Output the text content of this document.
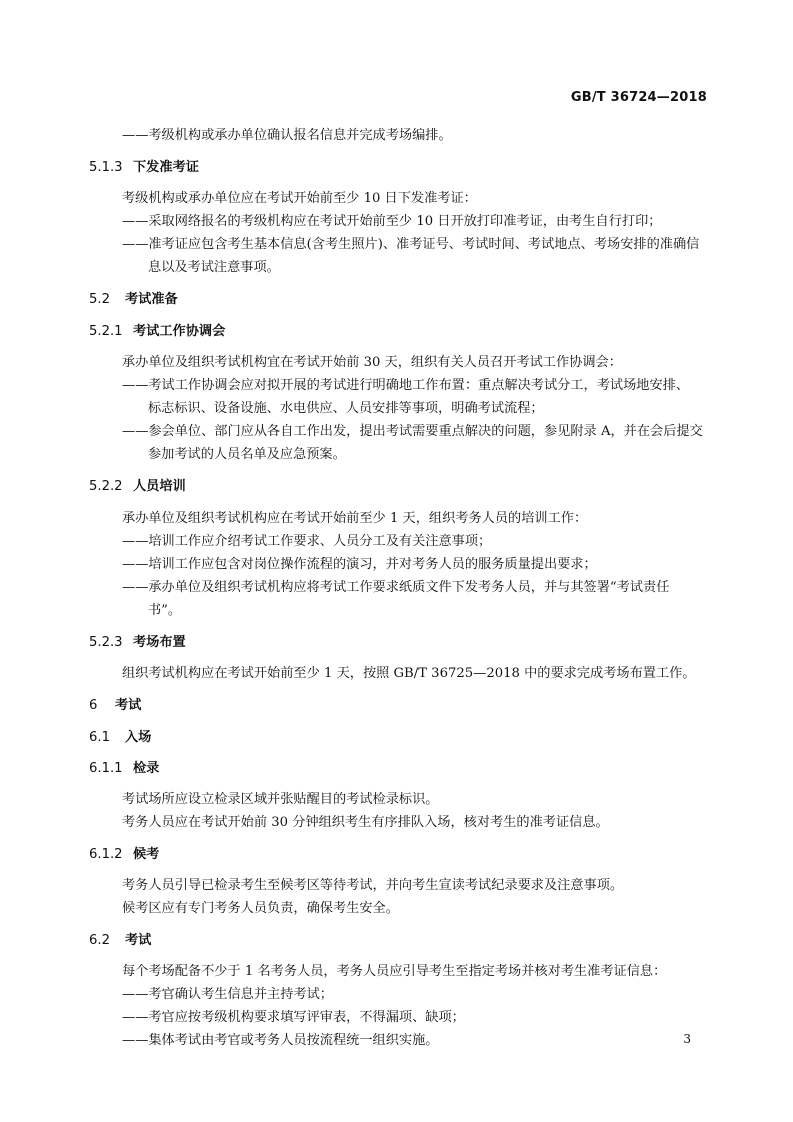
GB/T 36724—2018
——考级机构或承办单位确认报名信息并完成考场编排。
5.1.3 下发准考证
考级机构或承办单位应在考试开始前至少 10 日下发准考证：
——采取网络报名的考级机构应在考试开始前至少 10 日开放打印准考证，由考生自行打印；
——准考证应包含考生基本信息(含考生照片)、准考证号、考试时间、考试地点、考场安排的准确信
息以及考试注意事项。
5.2 考试准备
5.2.1 考试工作协调会
承办单位及组织考试机构宜在考试开始前 30 天，组织有关人员召开考试工作协调会：
——考试工作协调会应对拟开展的考试进行明确地工作布置：重点解决考试分工，考试场地安排、
标志标识、设备设施、水电供应、人员安排等事项，明确考试流程；
——参会单位、部门应从各自工作出发，提出考试需要重点解决的问题，参见附录 A，并在会后提交
参加考试的人员名单及应急预案。
5.2.2 人员培训
承办单位及组织考试机构应在考试开始前至少 1 天，组织考务人员的培训工作：
——培训工作应介绍考试工作要求、人员分工及有关注意事项；
——培训工作应包含对岗位操作流程的演习，并对考务人员的服务质量提出要求；
——承办单位及组织考试机构应将考试工作要求纸质文件下发考务人员，并与其签署“考试责任
书”。
5.2.3 考场布置
组织考试机构应在考试开始前至少 1 天，按照 GB/T 36725—2018 中的要求完成考场布置工作。
6 考试
6.1 入场
6.1.1 检录
考试场所应设立检录区域并张贴醒目的考试检录标识。
考务人员应在考试开始前 30 分钟组织考生有序排队入场，核对考生的准考证信息。
6.1.2 候考
考务人员引导已检录考生至候考区等待考试，并向考生宣读考试纪录要求及注意事项。
候考区应有专门考务人员负责，确保考生安全。
6.2 考试
每个考场配备不少于 1 名考务人员，考务人员应引导考生至指定考场并核对考生准考证信息：
——考官确认考生信息并主持考试；
——考官应按考级机构要求填写评审表，不得漏项、缺项；
——集体考试由考官或考务人员按流程统一组织实施。	3
